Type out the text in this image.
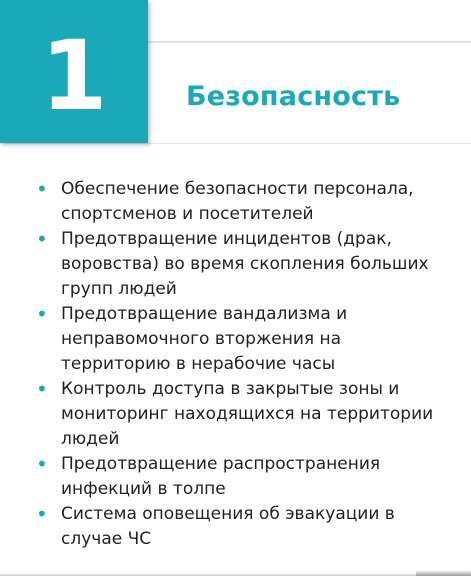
1	Безопасность
• Обеспечение безопасности персонала, спортсменов и посетителей
• Предотвращение инцидентов (драк, воровства) во время скопления больших групп людей
• Предотвращение вандализма и неправомочного вторжения на территорию в нерабочие часы
• Контроль доступа в закрытые зоны и мониторинг находящихся на территории людей
• Предотвращение распространения инфекций в толпе
• Система оповещения об эвакуации в случае ЧС
